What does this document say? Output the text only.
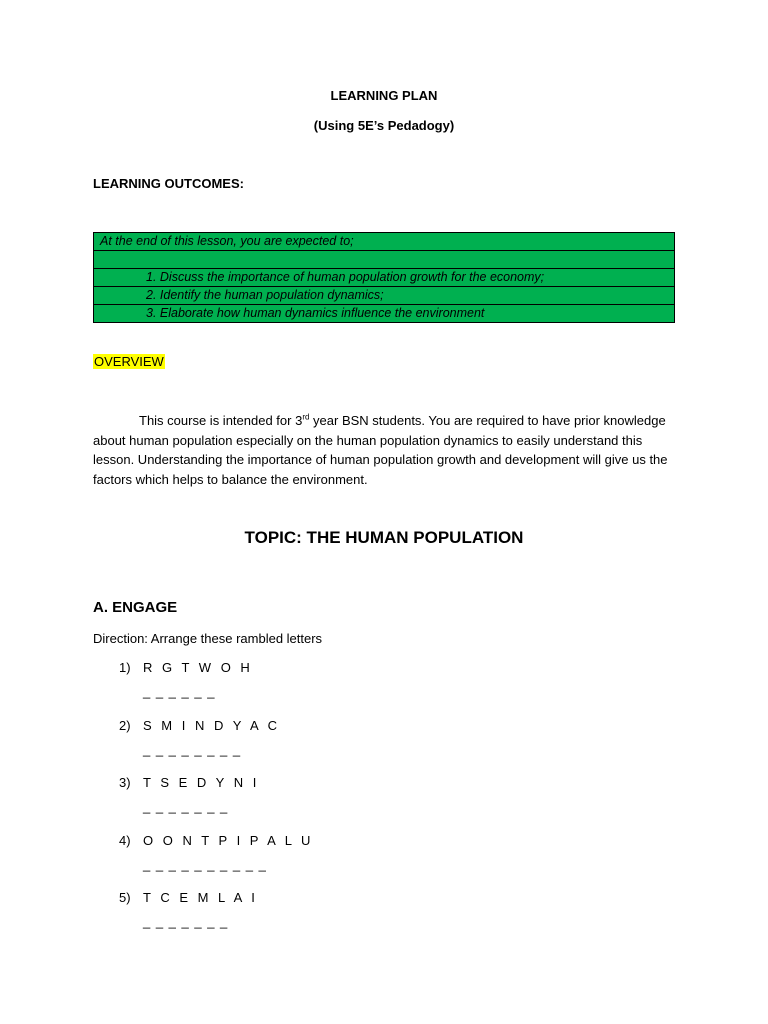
LEARNING PLAN
(Using 5E’s Pedadogy)
LEARNING OUTCOMES:
At the end of this lesson, you are expected to;

1. Discuss the importance of human population growth for the economy;
2. Identify the human population dynamics;
3. Elaborate how human dynamics influence the environment
OVERVIEW
This course is intended for 3rd year BSN students. You are required to have prior knowledge about human population especially on the human population dynamics to easily understand this lesson. Understanding the importance of human population growth and development will give us the factors which helps to balance the environment.
TOPIC: THE HUMAN POPULATION
A. ENGAGE
Direction: Arrange these rambled letters
1) R G T W O H
_ _ _ _ _ _
2) S M I N D Y A C
_ _ _ _ _ _ _ _
3) T S E D Y N I
_ _ _ _ _ _ _
4) O O N T P I P A L U
_ _ _ _ _ _ _ _ _ _
5) T C E M L A I
_ _ _ _ _ _ _
